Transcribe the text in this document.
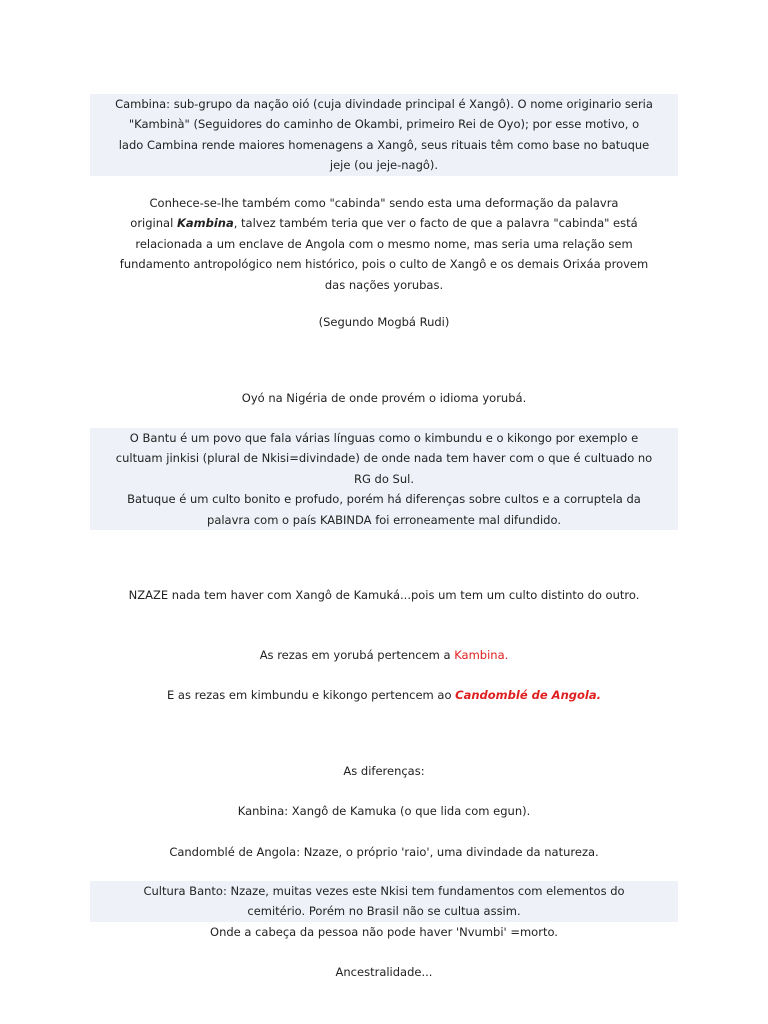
Cambina: sub-grupo da nação oió (cuja divindade principal é Xangô). O nome originario seria
"Kambinà" (Seguidores do caminho de Okambi, primeiro Rei de Oyo); por esse motivo, o
lado Cambina rende maiores homenagens a Xangô, seus rituais têm como base no batuque
jeje (ou jeje-nagô).
Conhece-se-lhe também como "cabinda" sendo esta uma deformação da palavra
original Kambina, talvez também teria que ver o facto de que a palavra "cabinda" está
relacionada a um enclave de Angola com o mesmo nome, mas seria uma relação sem
fundamento antropológico nem histórico, pois o culto de Xangô e os demais Orixáa provem
das nações yorubas.
(Segundo Mogbá Rudi)
Oyó na Nigéria de onde provém o idioma yorubá.
O Bantu é um povo que fala várias línguas como o kimbundu e o kikongo por exemplo e
cultuam jinkisi (plural de Nkisi=divindade) de onde nada tem haver com o que é cultuado no
RG do Sul.
Batuque é um culto bonito e profudo, porém há diferenças sobre cultos e a corruptela da
palavra com o país KABINDA foi erroneamente mal difundido.
NZAZE nada tem haver com Xangô de Kamuká...pois um tem um culto distinto do outro.
As rezas em yorubá pertencem a Kambina.
E as rezas em kimbundu e kikongo pertencem ao Candomblé de Angola.
As diferenças:
Kanbina: Xangô de Kamuka (o que lida com egun).
Candomblé de Angola: Nzaze, o próprio 'raio', uma divindade da natureza.
Cultura Banto: Nzaze, muitas vezes este Nkisi tem fundamentos com elementos do
cemitério. Porém no Brasil não se cultua assim.
Onde a cabeça da pessoa não pode haver 'Nvumbi' =morto.
Ancestralidade...
